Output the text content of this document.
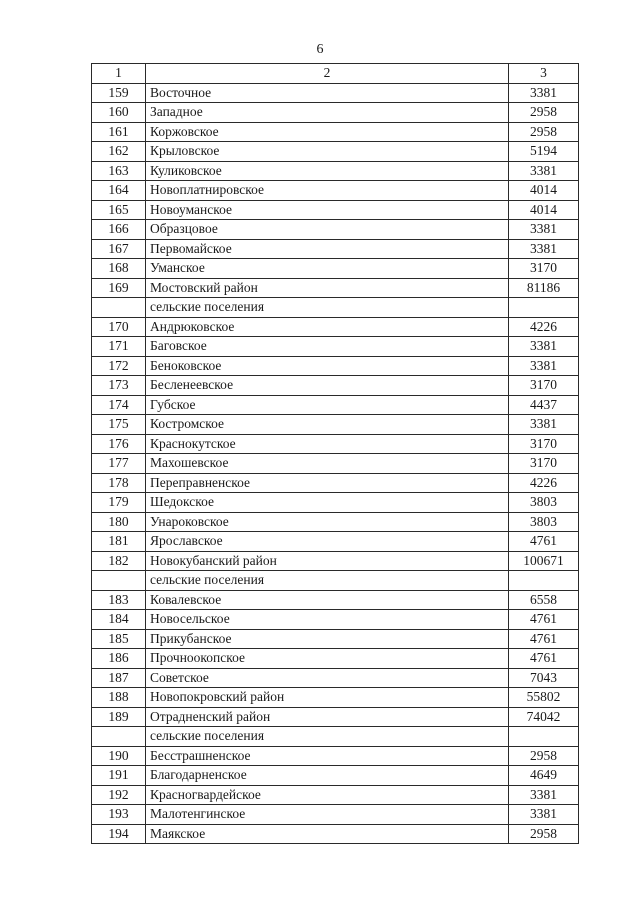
6
1	2	3
159	Восточное	3381
160	Западное	2958
161	Коржовское	2958
162	Крыловское	5194
163	Куликовское	3381
164	Новоплатнировское	4014
165	Новоуманское	4014
166	Образцовое	3381
167	Первомайское	3381
168	Уманское	3170
169	Мостовский район	81186
	сельские поселения	
170	Андрюковское	4226
171	Баговское	3381
172	Беноковское	3381
173	Бесленеевское	3170
174	Губское	4437
175	Костромское	3381
176	Краснокутское	3170
177	Махошевское	3170
178	Переправненское	4226
179	Шедокское	3803
180	Унароковское	3803
181	Ярославское	4761
182	Новокубанский район	100671
	сельские поселения	
183	Ковалевское	6558
184	Новосельское	4761
185	Прикубанское	4761
186	Прочноокопское	4761
187	Советское	7043
188	Новопокровский район	55802
189	Отрадненский район	74042
	сельские поселения	
190	Бесстрашненское	2958
191	Благодарненское	4649
192	Красногвардейское	3381
193	Малотенгинское	3381
194	Маякское	2958
